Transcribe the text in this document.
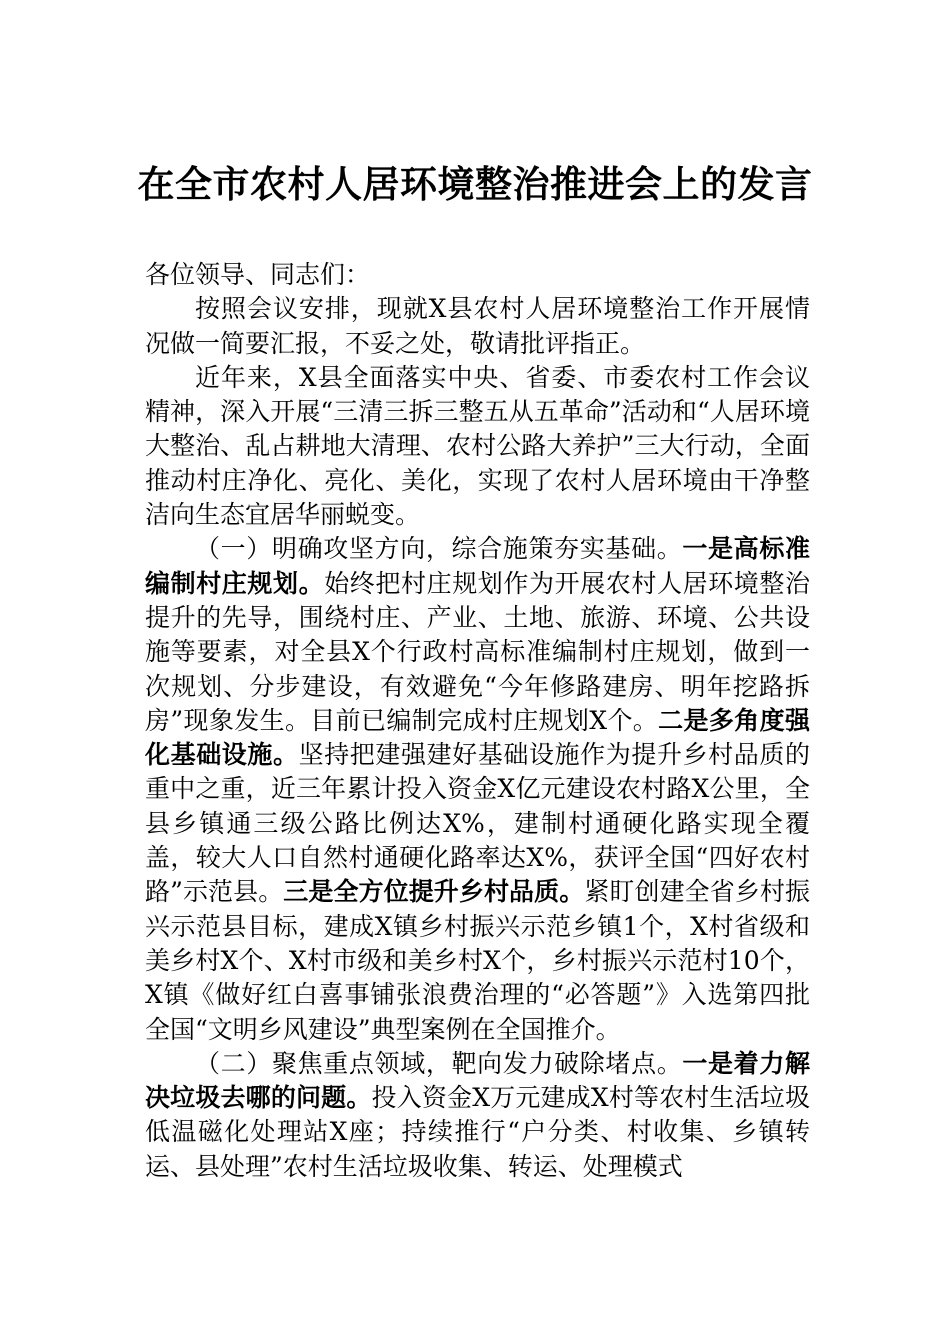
在全市农村人居环境整治推进会上的发言

各位领导、同志们：

按照会议安排，现就X县农村人居环境整治工作开展情况做一简要汇报，不妥之处，敬请批评指正。

近年来，X县全面落实中央、省委、市委农村工作会议精神，深入开展“三清三拆三整五从五革命”活动和“人居环境大整治、乱占耕地大清理、农村公路大养护”三大行动，全面推动村庄净化、亮化、美化，实现了农村人居环境由干净整洁向生态宜居华丽蜕变。

（一）明确攻坚方向，综合施策夯实基础。一是高标准编制村庄规划。始终把村庄规划作为开展农村人居环境整治提升的先导，围绕村庄、产业、土地、旅游、环境、公共设施等要素，对全县X个行政村高标准编制村庄规划，做到一次规划、分步建设，有效避免“今年修路建房、明年挖路拆房”现象发生。目前已编制完成村庄规划X个。二是多角度强化基础设施。坚持把建强建好基础设施作为提升乡村品质的重中之重，近三年累计投入资金X亿元建设农村路X公里，全县乡镇通三级公路比例达X%，建制村通硬化路实现全覆盖，较大人口自然村通硬化路率达X%，获评全国“四好农村路”示范县。三是全方位提升乡村品质。紧盯创建全省乡村振兴示范县目标，建成X镇乡村振兴示范乡镇1个，X村省级和美乡村X个、X村市级和美乡村X个，乡村振兴示范村10个，X镇《做好红白喜事铺张浪费治理的“必答题”》入选第四批全国“文明乡风建设”典型案例在全国推介。

（二）聚焦重点领域，靶向发力破除堵点。一是着力解决垃圾去哪的问题。投入资金X万元建成X村等农村生活垃圾低温磁化处理站X座；持续推行“户分类、村收集、乡镇转运、县处理”农村生活垃圾收集、转运、处理模式
